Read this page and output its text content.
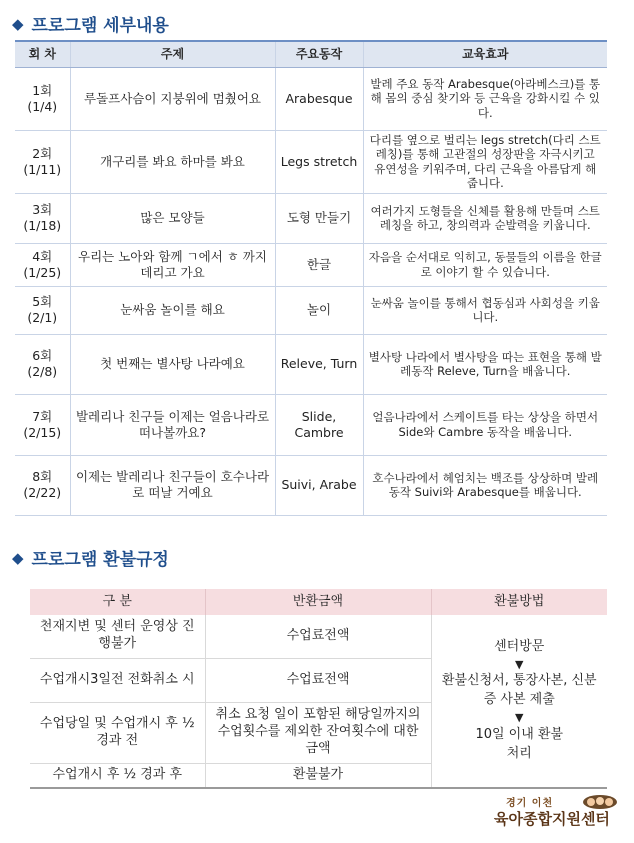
◆ 프로그램 세부내용
회 차	주제	주요동작	교육효과

1회
(1/4)	루돌프사슴이 지붕위에 멈췄어요	Arabesque	발레 주요 동작 Arabesque(아라베스크)를 통해 몸의 중심 찾기와 등 근육을 강화시킬 수 있다.

2회
(1/11)	개구리를 봐요 하마를 봐요	Legs stretch	다리를 옆으로 벌리는 legs stretch(다리 스트레칭)를 통해 고관절의 성장판을 자극시키고 유연성을 키워주며, 다리 근육을 아름답게 해 줍니다.

3회
(1/18)	많은 모양들	도형 만들기	여러가지 도형들을 신체를 활용해 만들며 스트레칭을 하고, 창의력과 순발력을 키웁니다.

4회
(1/25)	우리는 노아와 함께 ㄱ에서 ㅎ 까지 데리고 가요	한글	자음을 순서대로 익히고, 동물들의 이름을 한글로 이야기 할 수 있습니다.

5회
(2/1)	눈싸움 놀이를 해요	놀이	눈싸움 놀이를 통해서 협동심과 사회성을 키웁니다.

6회
(2/8)	첫 번째는 별사탕 나라예요	Releve, Turn	별사탕 나라에서 별사탕을 따는 표현을 통해 발레동작 Releve, Turn을 배웁니다.

7회
(2/15)	발레리나 친구들 이제는 얼음나라로 떠나볼까요?	Slide, Cambre	얼음나라에서 스케이트를 타는 상상을 하면서 Side와 Cambre 동작을 배웁니다.

8회
(2/22)	이제는 발레리나 친구들이 호수나라로 떠날 거예요	Suivi, Arabe	호수나라에서 헤엄치는 백조를 상상하며 발레동작 Suivi와 Arabesque를 배웁니다.
◆ 프로그램 환불규정
구 분	반환금액	환불방법
천재지변 및 센터 운영상 진행불가	수업료전액	센터방문
▼
환불신청서, 통장사본, 신분증 사본 제출
▼
10일 이내 환불처리

수업개시3일전 전화취소 시	수업료전액	
수업당일 및 수업개시 후 ½ 경과 전	취소 요청 일이 포함된 해당일까지의 수업횟수를 제외한 잔여횟수에 대한 금액	
수업개시 후 ½ 경과 후	환불불가	
경기 이천
육아종합지원센터
